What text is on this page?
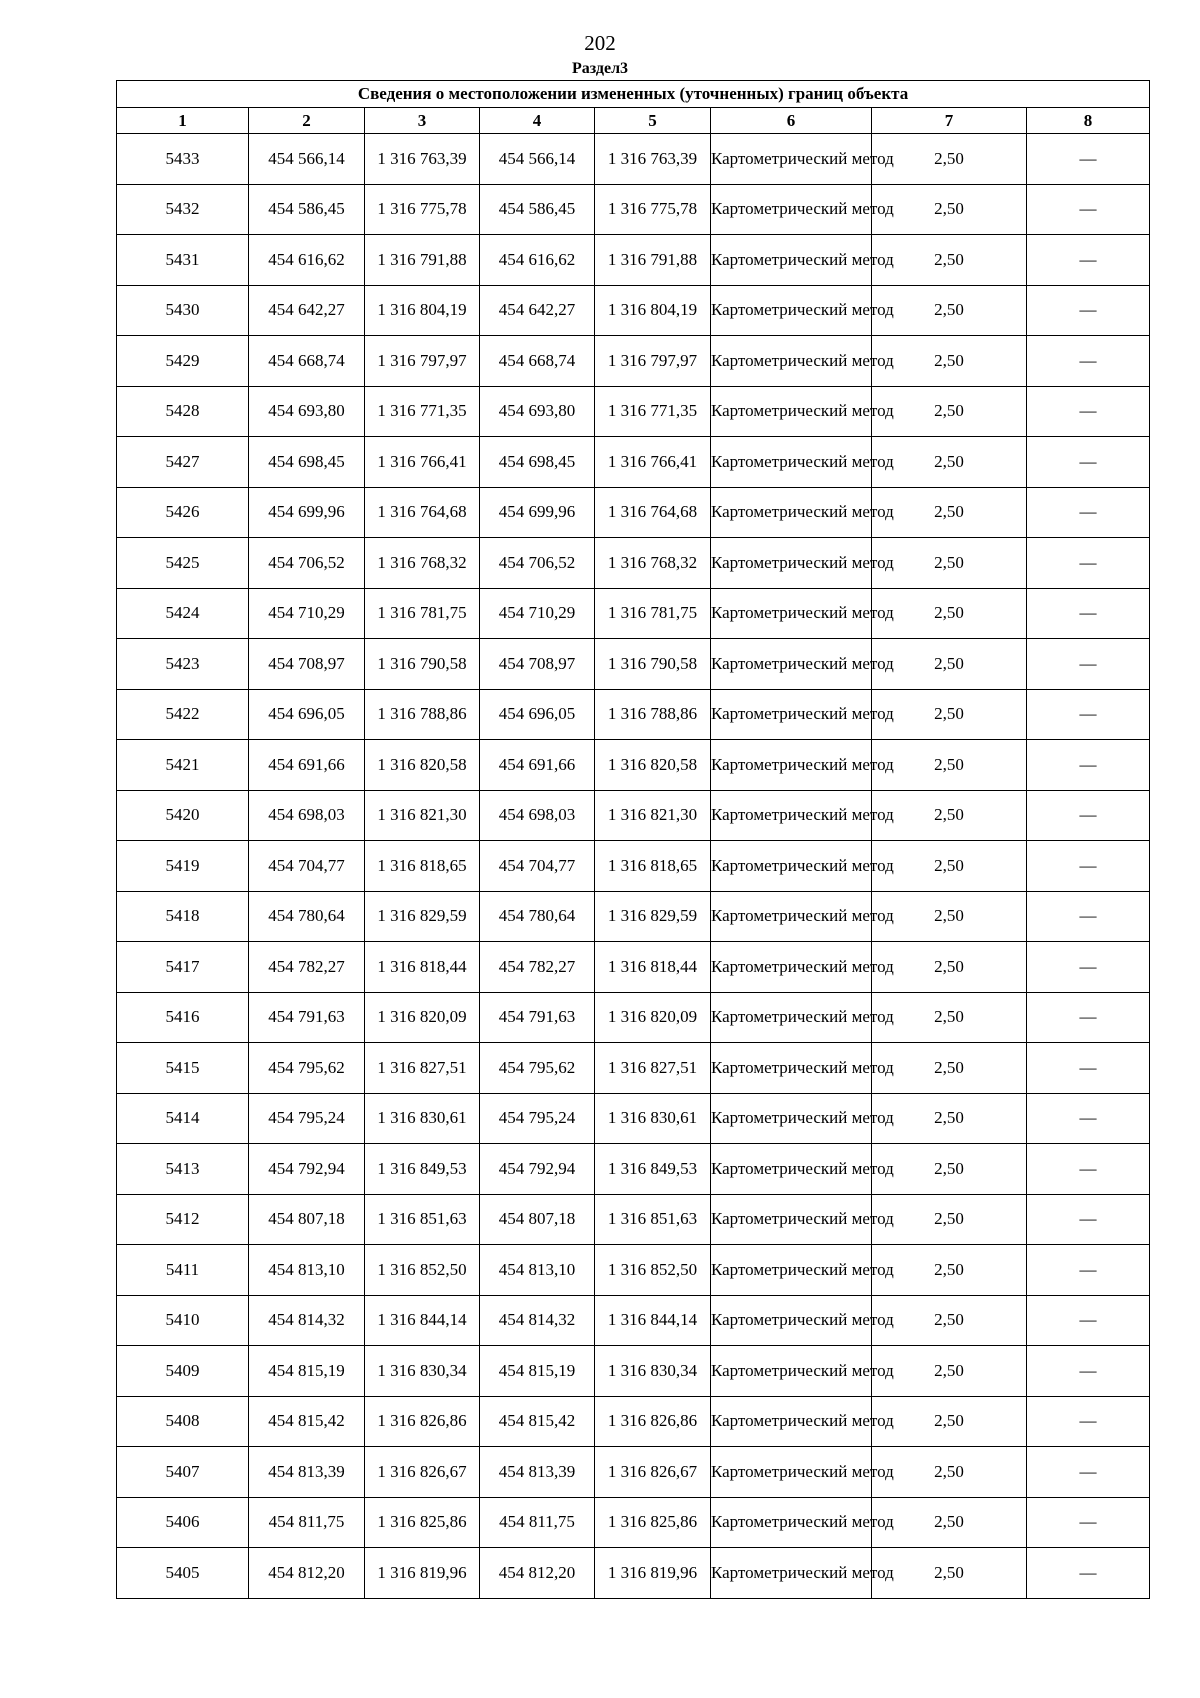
202
Раздел3
Сведения о местоположении измененных (уточненных) границ объекта							
1	2	3	4	5	6	7	8
5433	454 566,14	1 316 763,39	454 566,14	1 316 763,39	Картометрический метод	2,50	—
5432	454 586,45	1 316 775,78	454 586,45	1 316 775,78	Картометрический метод	2,50	—
5431	454 616,62	1 316 791,88	454 616,62	1 316 791,88	Картометрический метод	2,50	—
5430	454 642,27	1 316 804,19	454 642,27	1 316 804,19	Картометрический метод	2,50	—
5429	454 668,74	1 316 797,97	454 668,74	1 316 797,97	Картометрический метод	2,50	—
5428	454 693,80	1 316 771,35	454 693,80	1 316 771,35	Картометрический метод	2,50	—
5427	454 698,45	1 316 766,41	454 698,45	1 316 766,41	Картометрический метод	2,50	—
5426	454 699,96	1 316 764,68	454 699,96	1 316 764,68	Картометрический метод	2,50	—
5425	454 706,52	1 316 768,32	454 706,52	1 316 768,32	Картометрический метод	2,50	—
5424	454 710,29	1 316 781,75	454 710,29	1 316 781,75	Картометрический метод	2,50	—
5423	454 708,97	1 316 790,58	454 708,97	1 316 790,58	Картометрический метод	2,50	—
5422	454 696,05	1 316 788,86	454 696,05	1 316 788,86	Картометрический метод	2,50	—
5421	454 691,66	1 316 820,58	454 691,66	1 316 820,58	Картометрический метод	2,50	—
5420	454 698,03	1 316 821,30	454 698,03	1 316 821,30	Картометрический метод	2,50	—
5419	454 704,77	1 316 818,65	454 704,77	1 316 818,65	Картометрический метод	2,50	—
5418	454 780,64	1 316 829,59	454 780,64	1 316 829,59	Картометрический метод	2,50	—
5417	454 782,27	1 316 818,44	454 782,27	1 316 818,44	Картометрический метод	2,50	—
5416	454 791,63	1 316 820,09	454 791,63	1 316 820,09	Картометрический метод	2,50	—
5415	454 795,62	1 316 827,51	454 795,62	1 316 827,51	Картометрический метод	2,50	—
5414	454 795,24	1 316 830,61	454 795,24	1 316 830,61	Картометрический метод	2,50	—
5413	454 792,94	1 316 849,53	454 792,94	1 316 849,53	Картометрический метод	2,50	—
5412	454 807,18	1 316 851,63	454 807,18	1 316 851,63	Картометрический метод	2,50	—
5411	454 813,10	1 316 852,50	454 813,10	1 316 852,50	Картометрический метод	2,50	—
5410	454 814,32	1 316 844,14	454 814,32	1 316 844,14	Картометрический метод	2,50	—
5409	454 815,19	1 316 830,34	454 815,19	1 316 830,34	Картометрический метод	2,50	—
5408	454 815,42	1 316 826,86	454 815,42	1 316 826,86	Картометрический метод	2,50	—
5407	454 813,39	1 316 826,67	454 813,39	1 316 826,67	Картометрический метод	2,50	—
5406	454 811,75	1 316 825,86	454 811,75	1 316 825,86	Картометрический метод	2,50	—
5405	454 812,20	1 316 819,96	454 812,20	1 316 819,96	Картометрический метод	2,50	—
